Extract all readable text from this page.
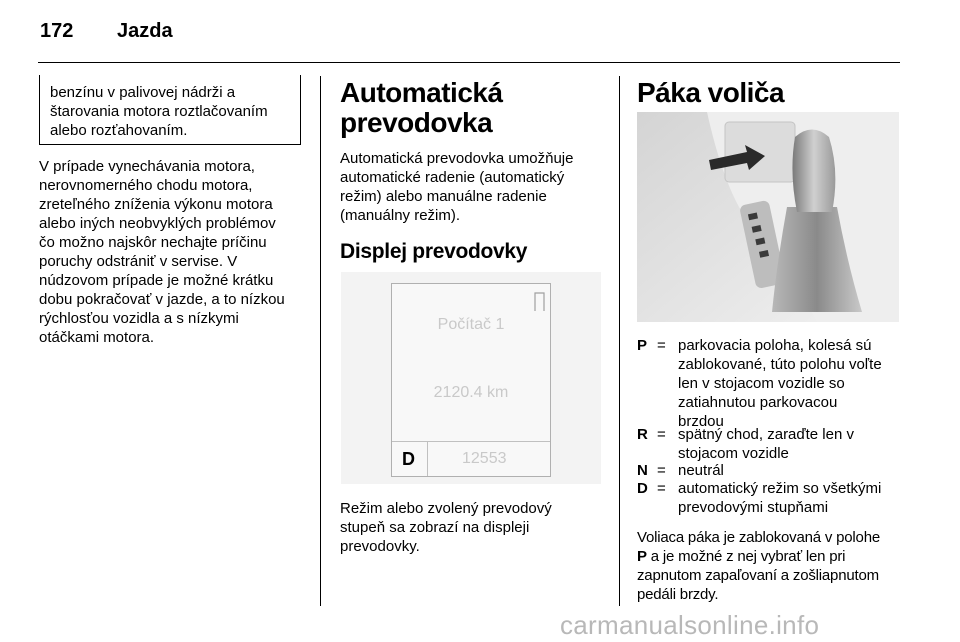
172 Jazda
benzínu v palivovej nádrži a
štarovania motora roztlačovaním
alebo rozťahovaním.
V prípade vynechávania motora,
nerovnomerného chodu motora,
zreteľného zníženia výkonu motora
alebo iných neobvyklých problémov
čo možno najskôr nechajte príčinu
poruchy odstrániť v servise. V
núdzovom prípade je možné krátku
dobu pokračovať v jazde, a to nízkou
rýchlosťou vozidla a s nízkymi
otáčkami motora.
Automatická
prevodovka
Automatická prevodovka umožňuje
automatické radenie (automatický
režim) alebo manuálne radenie
(manuálny režim).
Displej prevodovky
Počítač 1
2120.4 km
D	12553
Režim alebo zvolený prevodový
stupeň sa zobrazí na displeji
prevodovky.
Páka voliča
P = parkovacia poloha, kolesá sú
zablokované, túto polohu voľte
len v stojacom vozidle so
zatiahnutou parkovacou
brzdou
R = spätný chod, zaraďte len v
stojacom vozidle
N = neutrál
D = automatický režim so všetkými
prevodovými stupňami
Voliaca páka je zablokovaná v polohe
P a je možné z nej vybrať len pri
zapnutom zapaľovaní a zošliapnutom
pedáli brzdy.
carmanualsonline.info
